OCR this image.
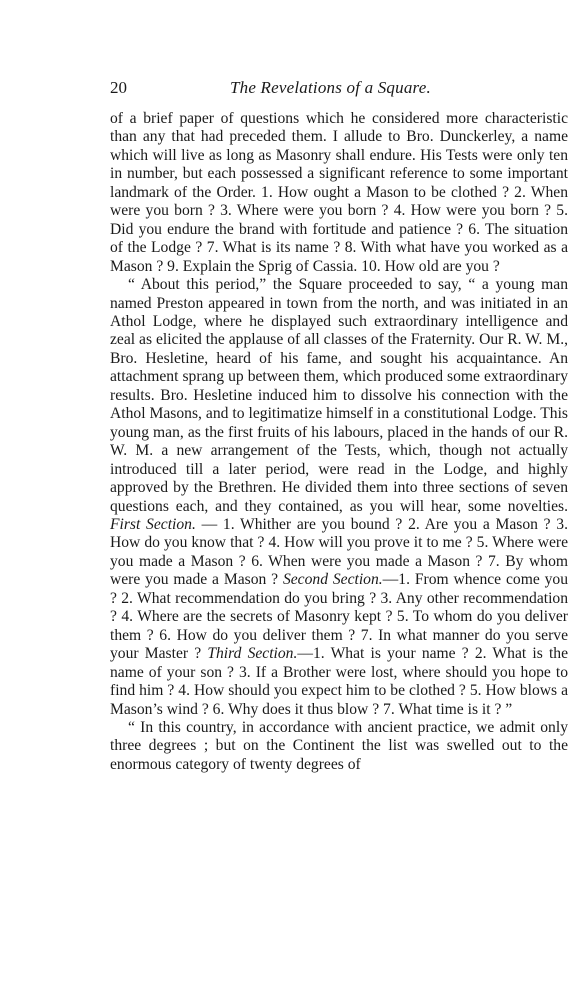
20	The Revelations of a Square.

of a brief paper of questions which he considered more characteristic than any that had preceded them. I allude to Bro. Dunckerley, a name which will live as long as Masonry shall endure. His Tests were only ten in number, but each possessed a significant reference to some important landmark of the Order. 1. How ought a Mason to be clothed ? 2. When were you born ? 3. Where were you born ? 4. How were you born ? 5. Did you endure the brand with fortitude and patience ? 6. The situation of the Lodge ? 7. What is its name ? 8. With what have you worked as a Mason ? 9. Explain the Sprig of Cassia. 10. How old are you ?

“ About this period,” the Square proceeded to say, “ a young man named Preston appeared in town from the north, and was initiated in an Athol Lodge, where he displayed such extraordinary intelligence and zeal as elicited the applause of all classes of the Fraternity. Our R. W. M., Bro. Hesletine, heard of his fame, and sought his acquaintance. An attachment sprang up between them, which produced some extraordinary results. Bro. Hesletine induced him to dissolve his connection with the Athol Masons, and to legitimatize himself in a constitutional Lodge. This young man, as the first fruits of his labours, placed in the hands of our R. W. M. a new arrangement of the Tests, which, though not actually introduced till a later period, were read in the Lodge, and highly approved by the Brethren. He divided them into three sections of seven questions each, and they contained, as you will hear, some novelties. First Section. — 1. Whither are you bound ? 2. Are you a Mason ? 3. How do you know that ? 4. How will you prove it to me ? 5. Where were you made a Mason ? 6. When were you made a Mason ? 7. By whom were you made a Mason ? Second Section.—1. From whence come you ? 2. What recommendation do you bring ? 3. Any other recommendation ? 4. Where are the secrets of Masonry kept ? 5. To whom do you deliver them ? 6. How do you deliver them ? 7. In what manner do you serve your Master ? Third Section.—1. What is your name ? 2. What is the name of your son ? 3. If a Brother were lost, where should you hope to find him ? 4. How should you expect him to be clothed ? 5. How blows a Mason’s wind ? 6. Why does it thus blow ? 7. What time is it ? ”

“ In this country, in accordance with ancient practice, we admit only three degrees ; but on the Continent the list was swelled out to the enormous category of twenty degrees of
